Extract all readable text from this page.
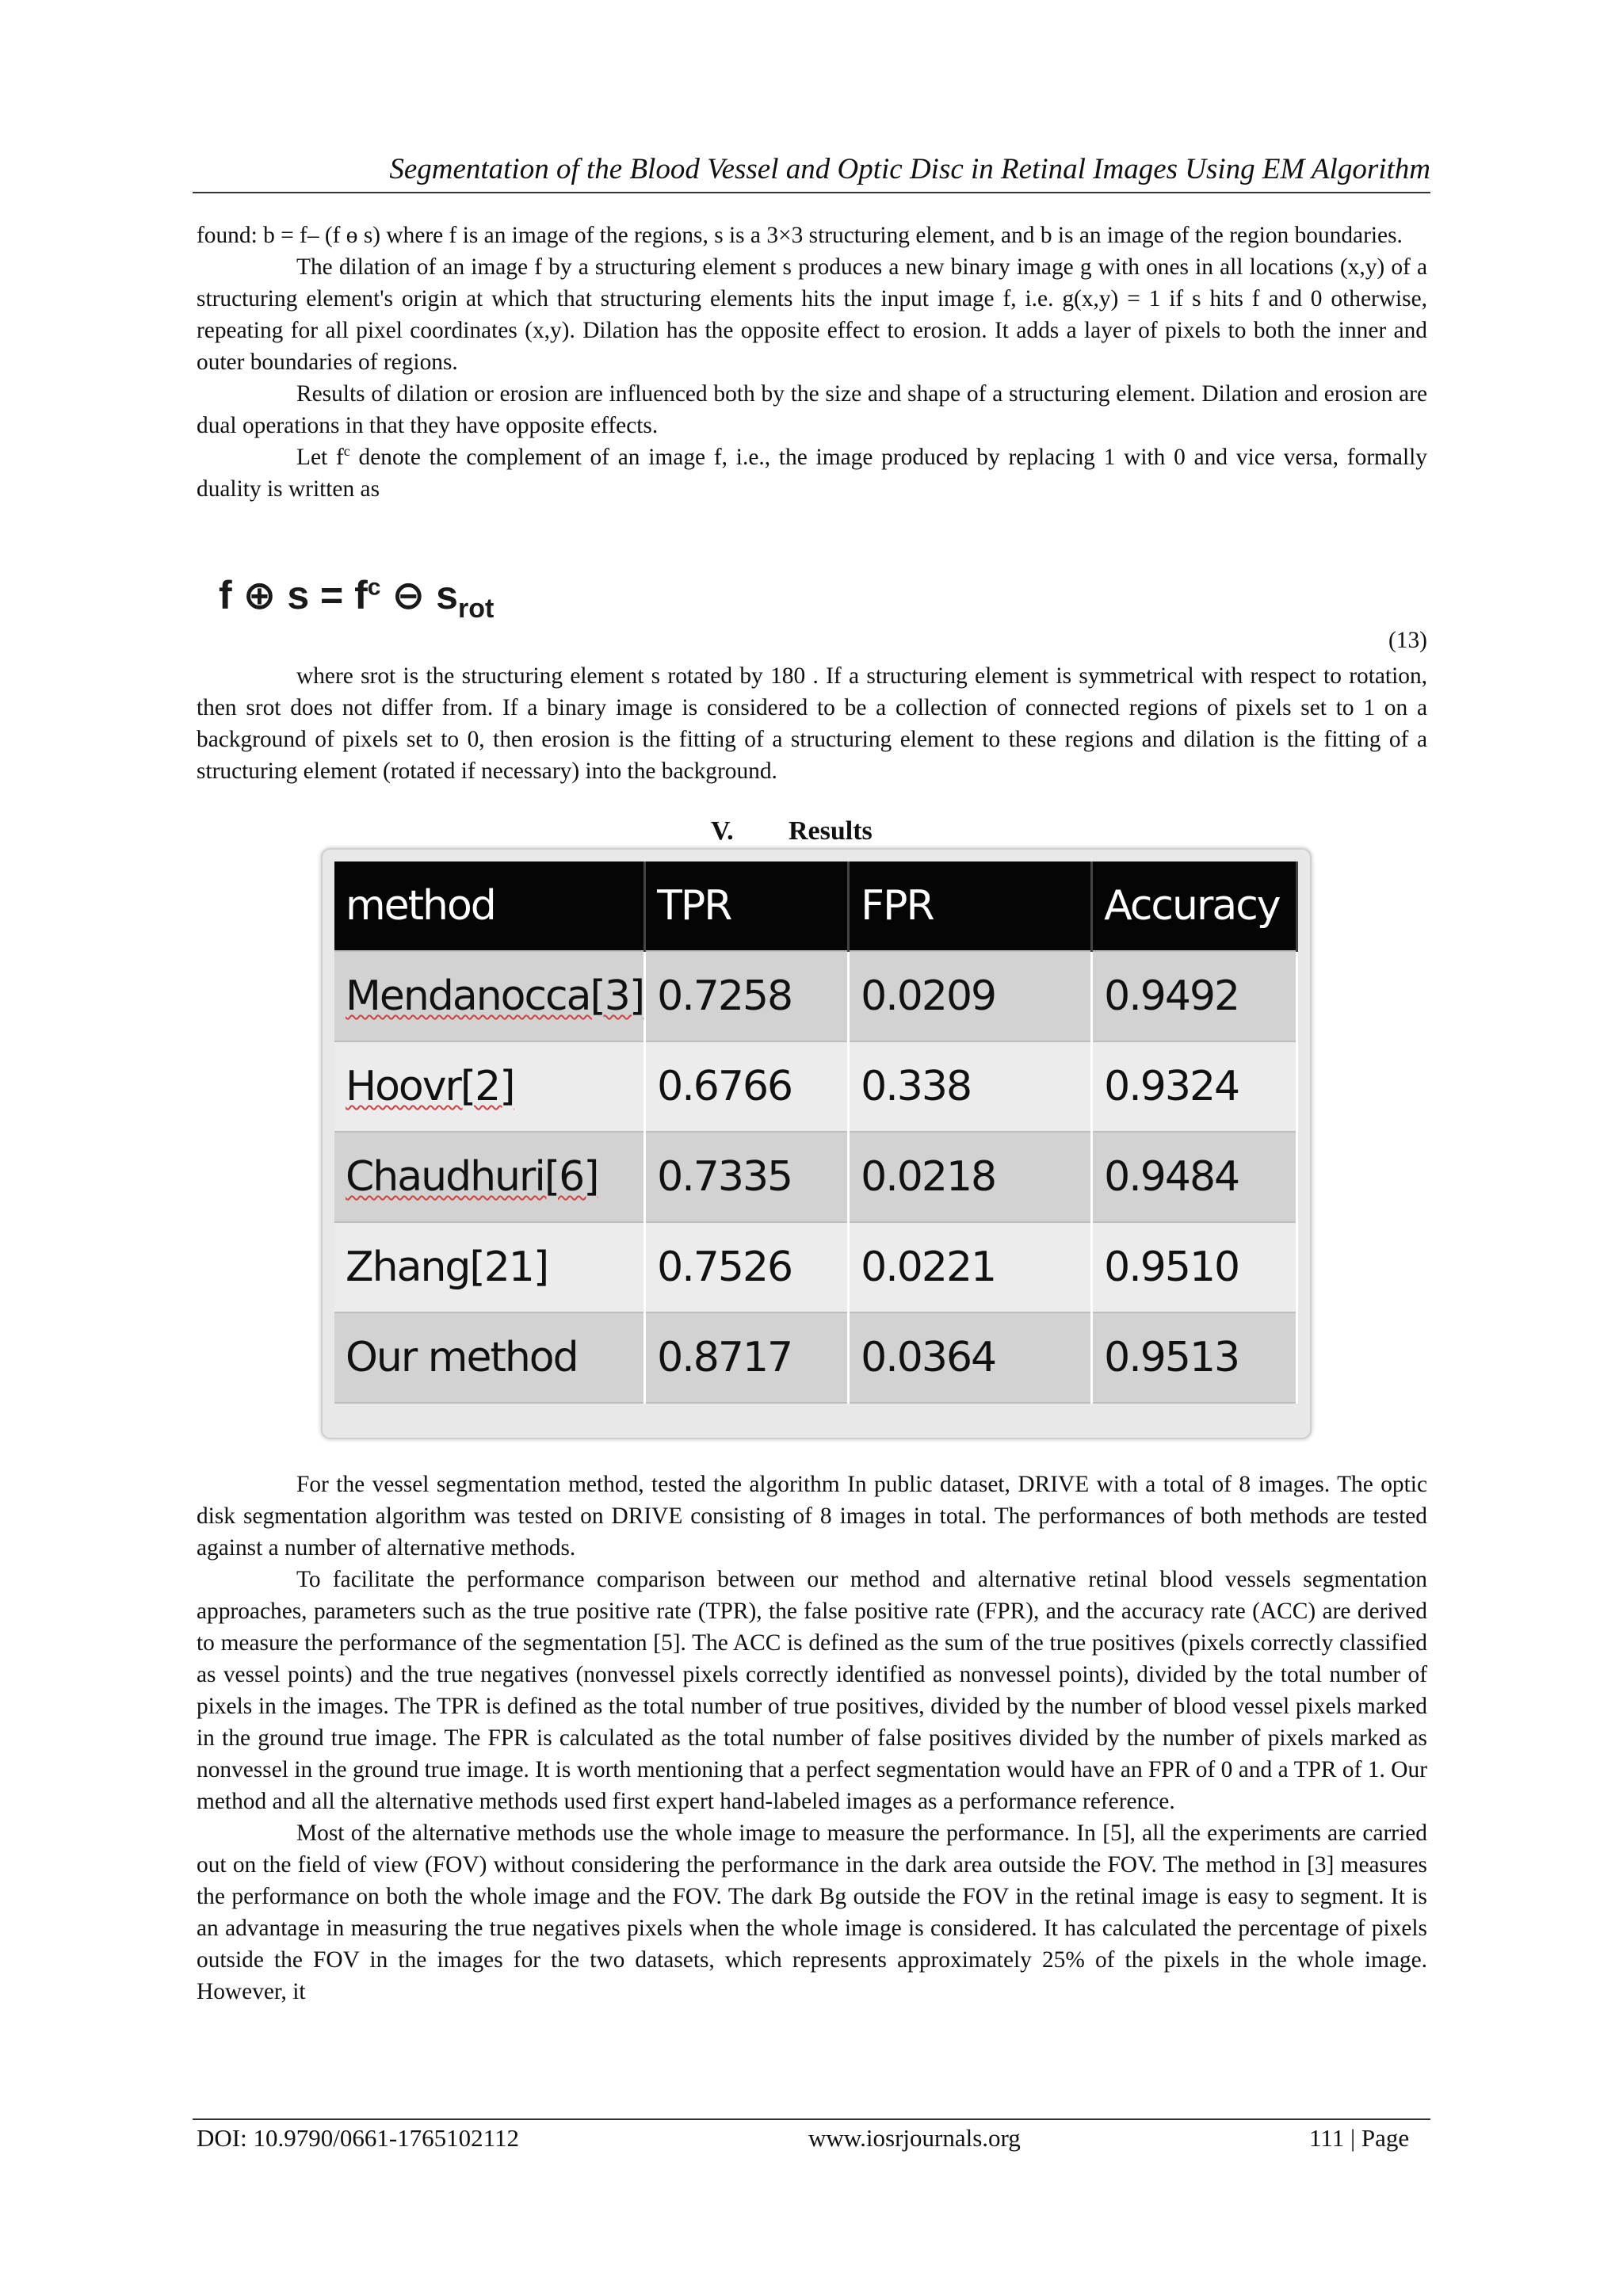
Segmentation of the Blood Vessel and Optic Disc in Retinal Images Using EM Algorithm

found: b = f– (f ɵ s) where f is an image of the regions, s is a 3×3 structuring element, and b is an image of the region boundaries.

The dilation of an image f by a structuring element s produces a new binary image g with ones in all locations (x,y) of a structuring element's origin at which that structuring elements hits the input image f, i.e. g(x,y) = 1 if s hits f and 0 otherwise, repeating for all pixel coordinates (x,y). Dilation has the opposite effect to erosion. It adds a layer of pixels to both the inner and outer boundaries of regions.

Results of dilation or erosion are influenced both by the size and shape of a structuring element. Dilation and erosion are dual operations in that they have opposite effects.

Let $f^c$ denote the complement of an image f, i.e., the image produced by replacing 1 with 0 and vice versa, formally duality is written as

f ⊕ $s = f^c$ ⊖ $s_{rot}$
(13)
where srot is the structuring element s rotated by 180 . If a structuring element is symmetrical with respect to rotation, then srot does not differ from. If a binary image is considered to be a collection of connected regions of pixels set to 1 on a background of pixels set to 0, then erosion is the fitting of a structuring element to these regions and dilation is the fitting of a structuring element (rotated if necessary) into the background.
V. Results
method	TPR	FPR	Accuracy
Mendanocca[3]	0.7258	0.0209	0.9492
Hoovr[2]	0.6766	0.338	0.9324
Chaudhuri[6]	0.7335	0.0218	0.9484
Zhang[21]	0.7526	0.0221	0.9510
Our method	0.8717	0.0364	0.9513

For the vessel segmentation method, tested the algorithm In public dataset, DRIVE with a total of 8 images. The optic disk segmentation algorithm was tested on DRIVE consisting of 8 images in total. The performances of both methods are tested against a number of alternative methods.

To facilitate the performance comparison between our method and alternative retinal blood vessels segmentation approaches, parameters such as the true positive rate (TPR), the false positive rate (FPR), and the accuracy rate (ACC) are derived to measure the performance of the segmentation [5]. The ACC is defined as the sum of the true positives (pixels correctly classified as vessel points) and the true negatives (nonvessel pixels correctly identified as nonvessel points), divided by the total number of pixels in the images. The TPR is defined as the total number of true positives, divided by the number of blood vessel pixels marked in the ground true image. The FPR is calculated as the total number of false positives divided by the number of pixels marked as nonvessel in the ground true image. It is worth mentioning that a perfect segmentation would have an FPR of 0 and a TPR of 1. Our method and all the alternative methods used first expert hand-labeled images as a performance reference.

Most of the alternative methods use the whole image to measure the performance. In [5], all the experiments are carried out on the field of view (FOV) without considering the performance in the dark area outside the FOV. The method in [3] measures the performance on both the whole image and the FOV. The dark Bg outside the FOV in the retinal image is easy to segment. It is an advantage in measuring the true negatives pixels when the whole image is considered. It has calculated the percentage of pixels outside the FOV in the images for the two datasets, which represents approximately 25% of the pixels in the whole image. However, it

DOI: 10.9790/0661-1765102112	www.iosrjournals.org	111 | Page
